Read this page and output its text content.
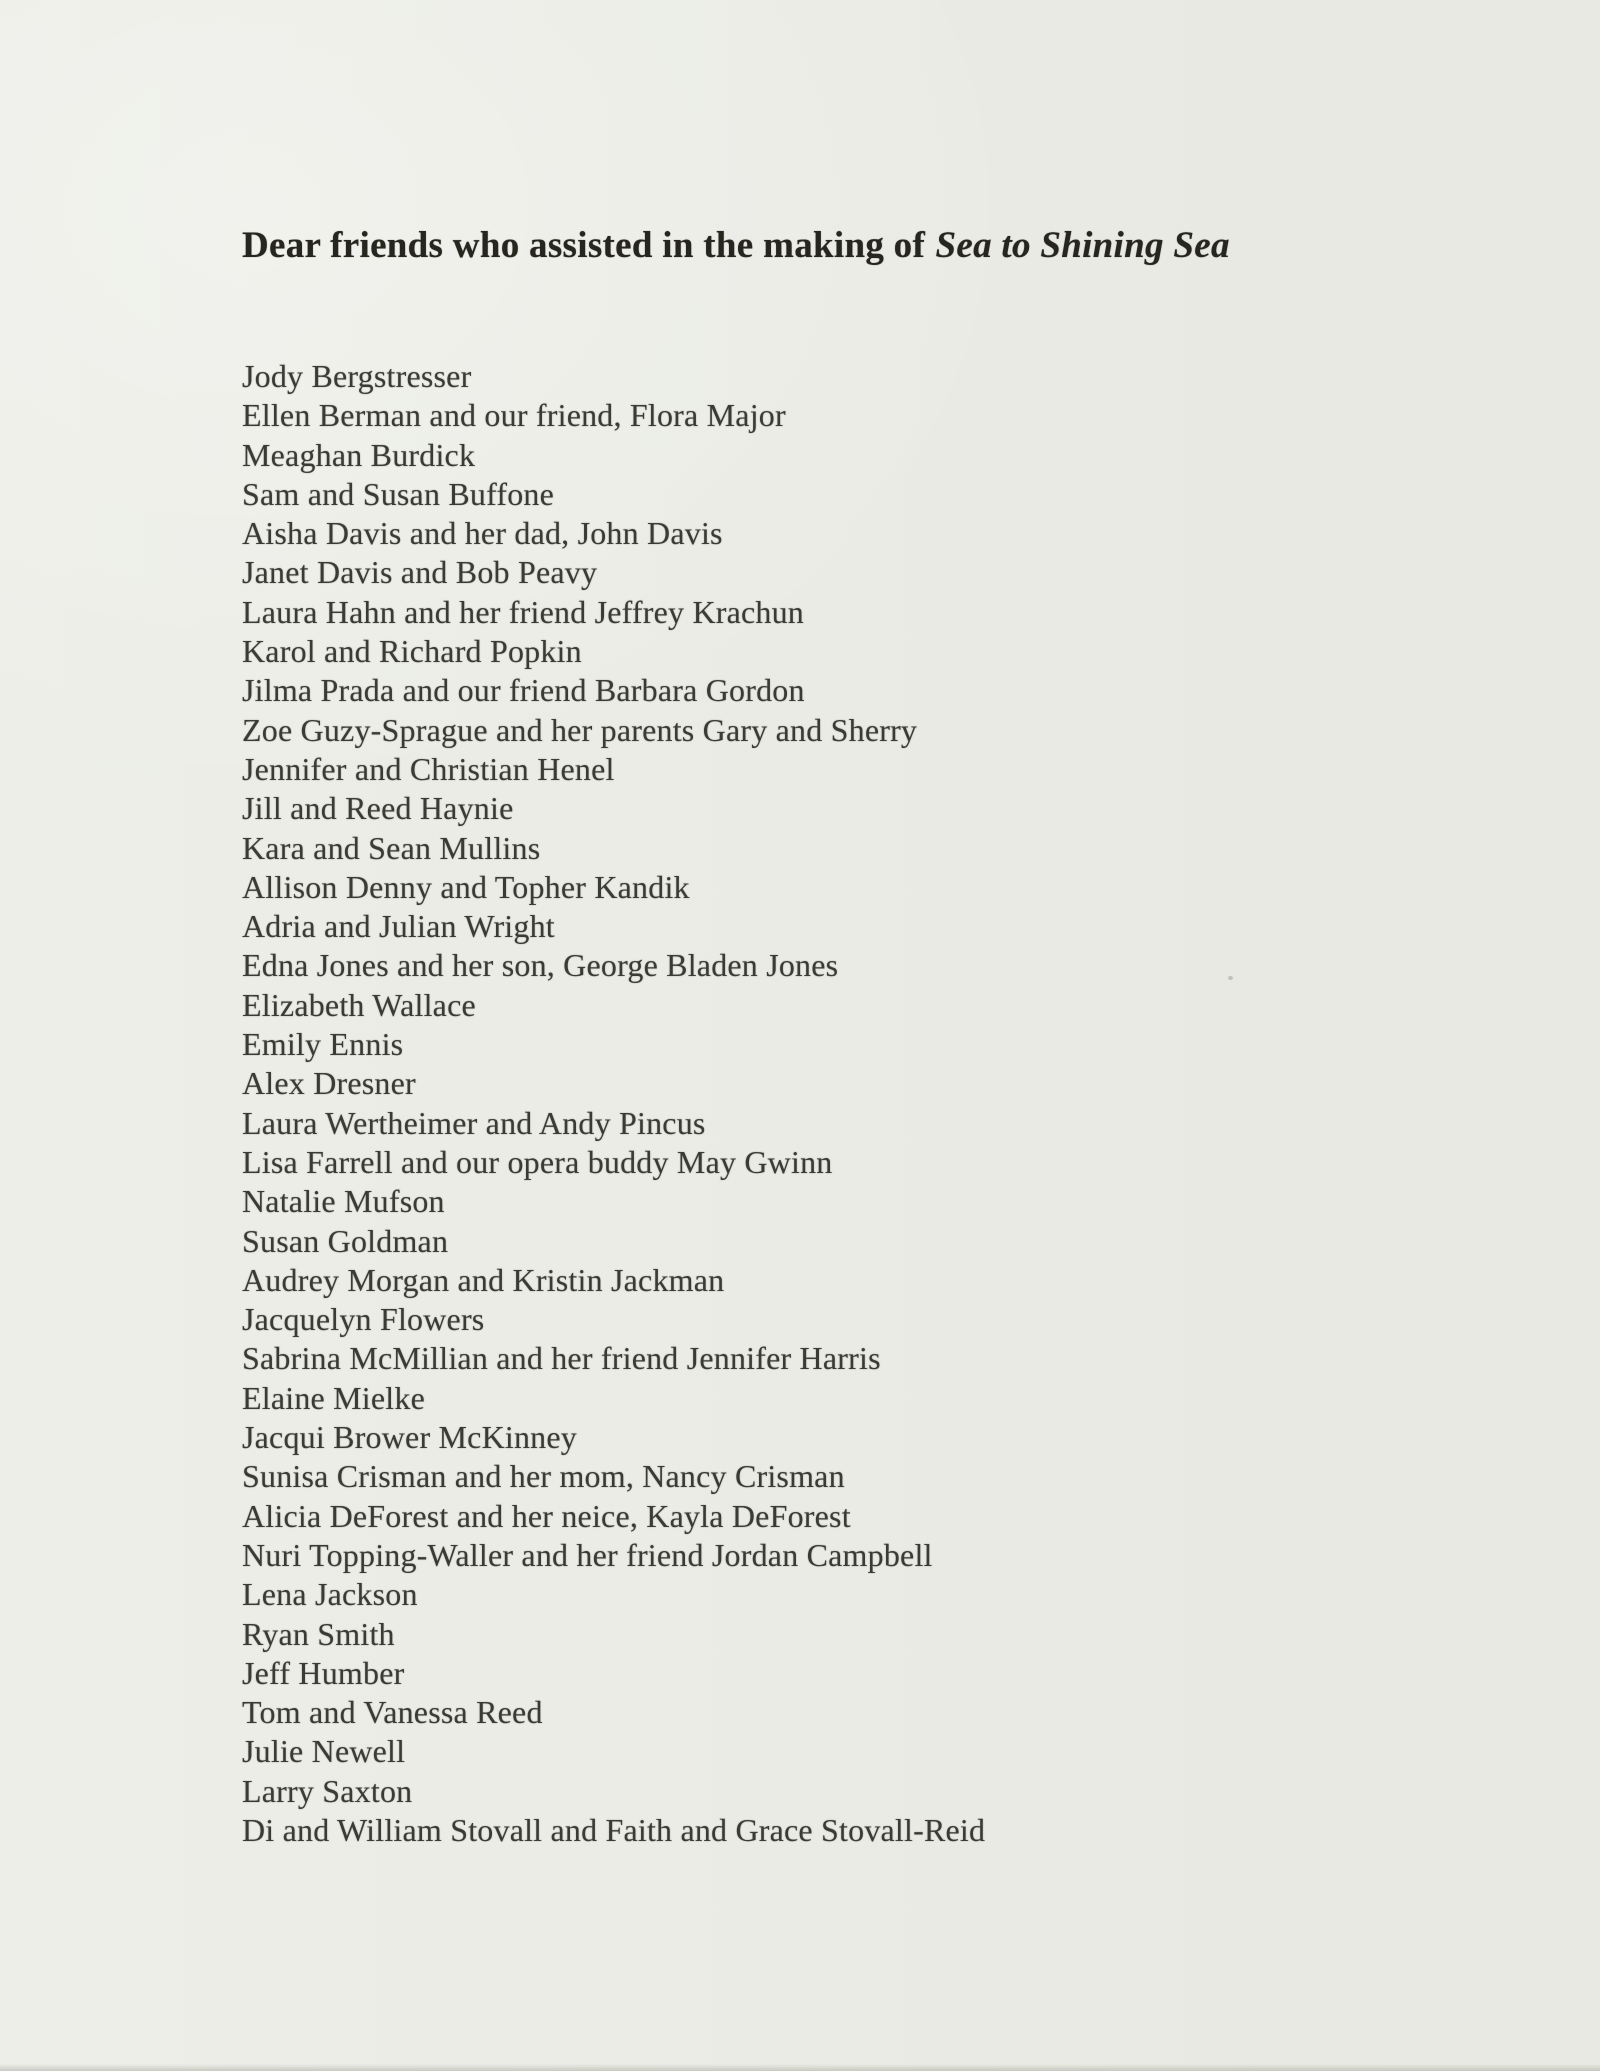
Dear friends who assisted in the making of Sea to Shining Sea
Jody Bergstresser
Ellen Berman and our friend, Flora Major
Meaghan Burdick
Sam and Susan Buffone
Aisha Davis and her dad, John Davis
Janet Davis and Bob Peavy
Laura Hahn and her friend Jeffrey Krachun
Karol and Richard Popkin
Jilma Prada and our friend Barbara Gordon
Zoe Guzy-Sprague and her parents Gary and Sherry
Jennifer and Christian Henel
Jill and Reed Haynie
Kara and Sean Mullins
Allison Denny and Topher Kandik
Adria and Julian Wright
Edna Jones and her son, George Bladen Jones
Elizabeth Wallace
Emily Ennis
Alex Dresner
Laura Wertheimer and Andy Pincus
Lisa Farrell and our opera buddy May Gwinn
Natalie Mufson
Susan Goldman
Audrey Morgan and Kristin Jackman
Jacquelyn Flowers
Sabrina McMillian and her friend Jennifer Harris
Elaine Mielke
Jacqui Brower McKinney
Sunisa Crisman and her mom, Nancy Crisman
Alicia DeForest and her neice, Kayla DeForest
Nuri Topping-Waller and her friend Jordan Campbell
Lena Jackson
Ryan Smith
Jeff Humber
Tom and Vanessa Reed
Julie Newell
Larry Saxton
Di and William Stovall and Faith and Grace Stovall-Reid
